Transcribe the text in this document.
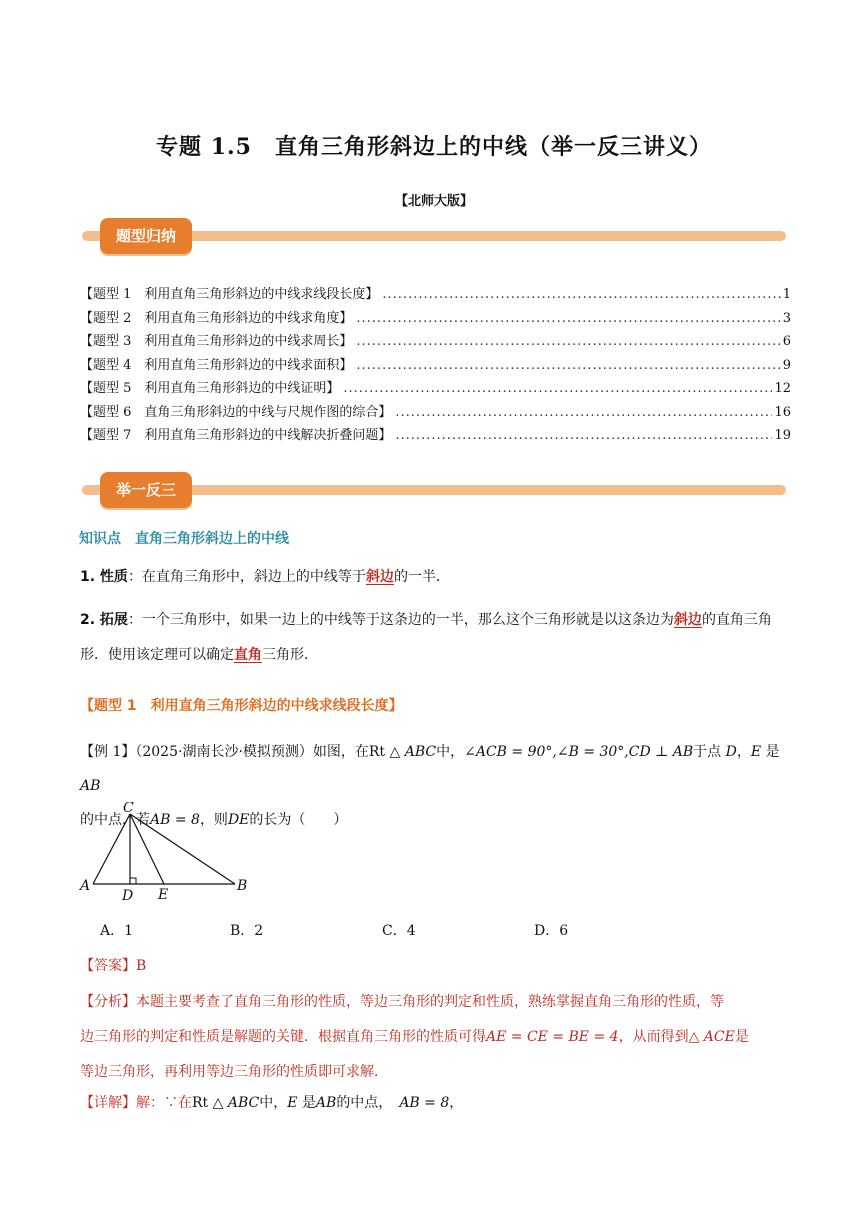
专题 1.5　直角三角形斜边上的中线（举一反三讲义）
【北师大版】
题型归纳
【题型 1　利用直角三角形斜边的中线求线段长度】 .....	1
【题型 2　利用直角三角形斜边的中线求角度】 .....	3
【题型 3　利用直角三角形斜边的中线求周长】 .....	6
【题型 4　利用直角三角形斜边的中线求面积】 .....	9
【题型 5　利用直角三角形斜边的中线证明】 .....	12
【题型 6　直角三角形斜边的中线与尺规作图的综合】 .....	16
【题型 7　利用直角三角形斜边的中线解决折叠问题】 .....	19
举一反三
知识点 直角三角形斜边上的中线
1. 性质：在直角三角形中，斜边上的中线等于斜边的一半．
2. 拓展：一个三角形中，如果一边上的中线等于这条边的一半，那么这个三角形就是以这条边为斜边的直角三角形．使用该定理可以确定直角三角形．
【题型 1　利用直角三角形斜边的中线求线段长度】
【例 1】（2025·湖南长沙·模拟预测）如图，在Rt △ ABC中，∠ACB = 90°,∠B = 30°,CD ⊥ AB于点 D，E 是AB
的中点．若AB = 8，则DE的长为（　　）
C
A
D E
B
A．1	B．2	C．4	D．6
【答案】B
【分析】本题主要考查了直角三角形的性质，等边三角形的判定和性质，熟练掌握直角三角形的性质，等
边三角形的判定和性质是解题的关键．根据直角三角形的性质可得AE = CE = BE = 4，从而得到△ ACE是
等边三角形，再利用等边三角形的性质即可求解．
【详解】解：∵在Rt △ ABC中，E 是AB的中点，　AB = 8，
